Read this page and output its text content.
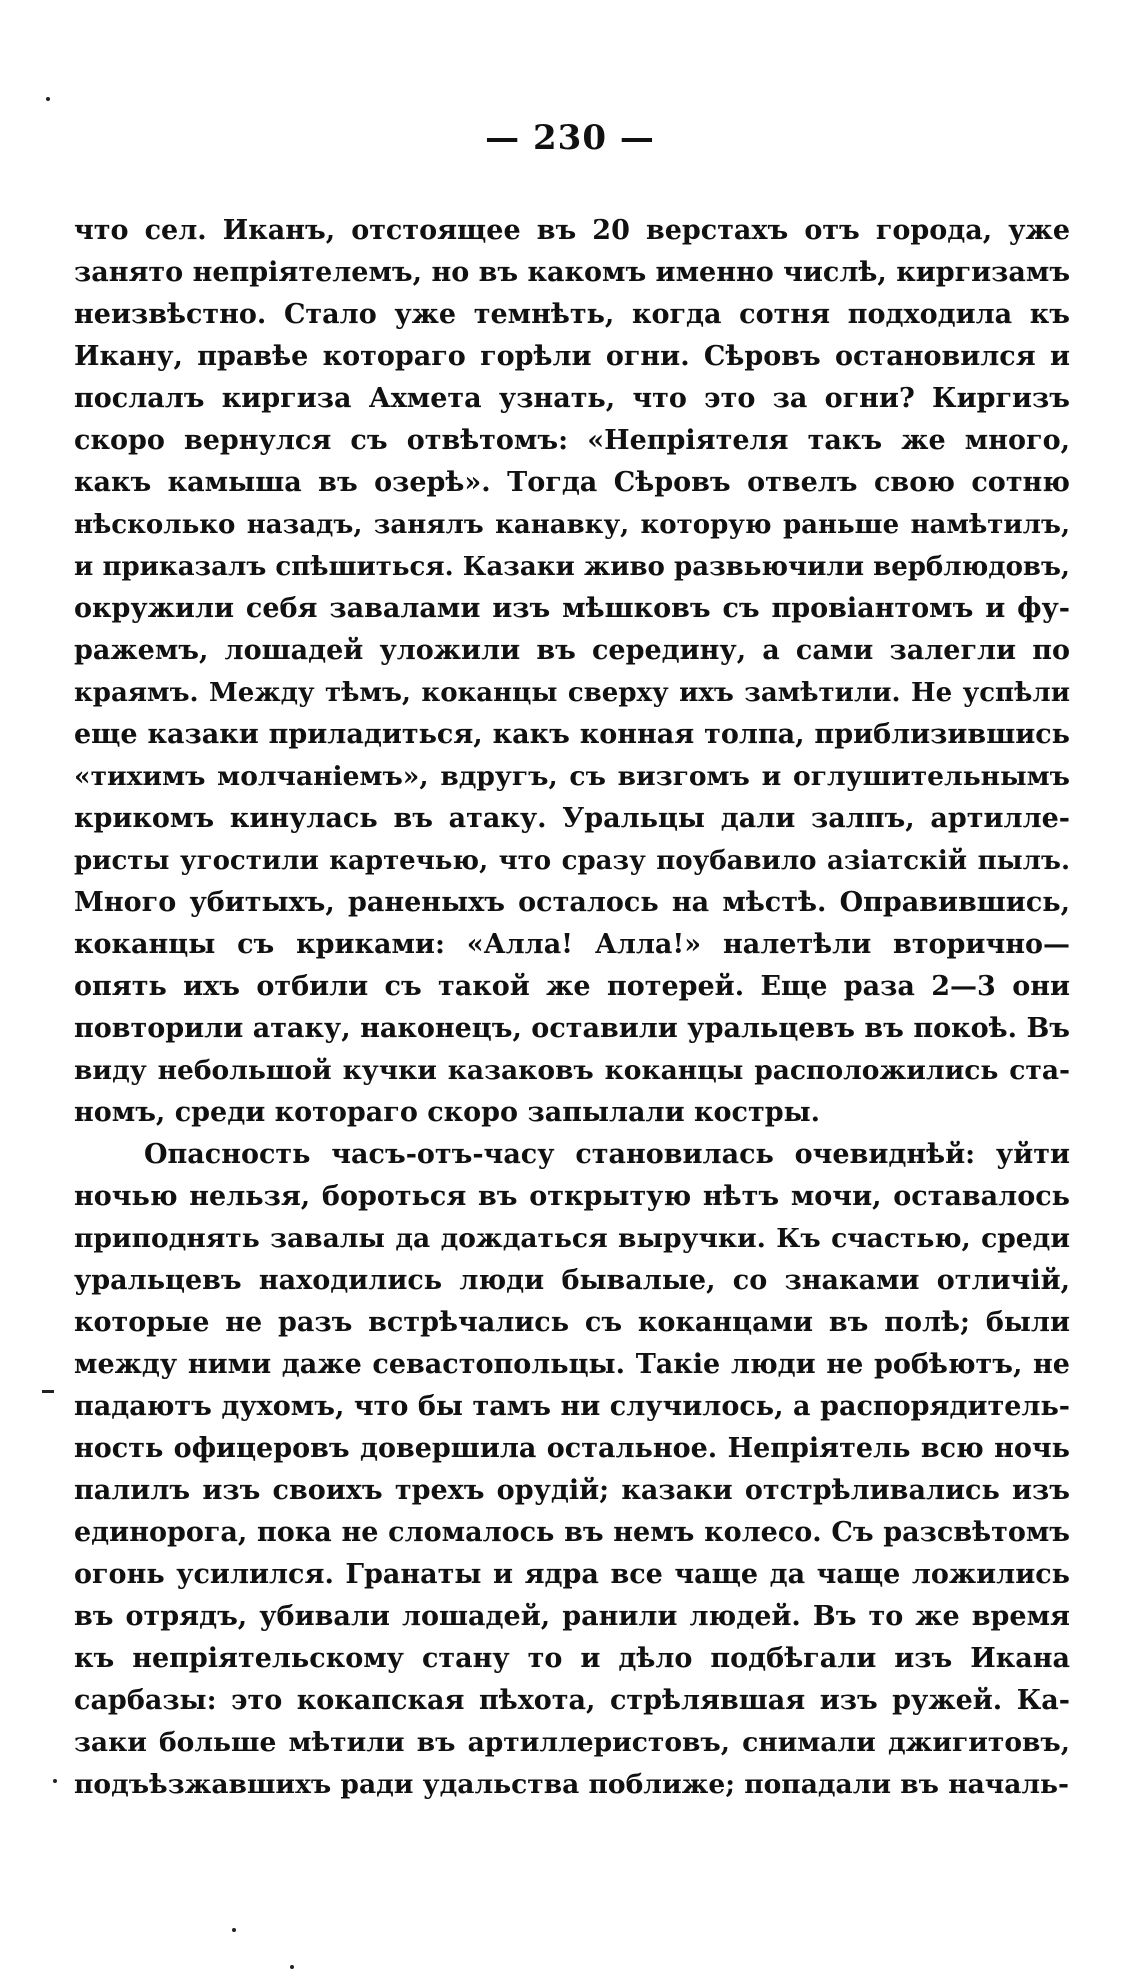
— 230 —
что сел. Иканъ, отстоящее въ 20 верстахъ отъ города, уже
занято непріятелемъ, но въ какомъ именно числѣ, киргизамъ
неизвѣстно. Стало уже темнѣть, когда сотня подходила къ
Икану, правѣе котораго горѣли огни. Сѣровъ остановился и
послалъ киргиза Ахмета узнать, что это за огни? Киргизъ
скоро вернулся съ отвѣтомъ: «Непріятеля такъ же много,
какъ камыша въ озерѣ». Тогда Сѣровъ отвелъ свою сотню
нѣсколько назадъ, занялъ канавку, которую раньше намѣтилъ,
и приказалъ спѣшиться. Казаки живо развьючили верблюдовъ,
окружили себя завалами изъ мѣшковъ съ провіантомъ и фу-
ражемъ, лошадей уложили въ середину, а сами залегли по
краямъ. Между тѣмъ, коканцы сверху ихъ замѣтили. Не успѣли
еще казаки приладиться, какъ конная толпа, приблизившись
«тихимъ молчаніемъ», вдругъ, съ визгомъ и оглушительнымъ
крикомъ кинулась въ атаку. Уральцы дали залпъ, артилле-
ристы угостили картечью, что сразу поубавило азіатскій пылъ.
Много убитыхъ, раненыхъ осталось на мѣстѣ. Оправившись,
коканцы съ криками: «Алла! Алла!» налетѣли вторично—
опять ихъ отбили съ такой же потерей. Еще раза 2—3 они
повторили атаку, наконецъ, оставили уральцевъ въ покоѣ. Въ
виду небольшой кучки казаковъ коканцы расположились ста-
номъ, среди котораго скоро запылали костры.
Опасность часъ-отъ-часу становилась очевиднѣй: уйти
ночью нельзя, бороться въ открытую нѣтъ мочи, оставалось
приподнять завалы да дождаться выручки. Къ счастью, среди
уральцевъ находились люди бывалые, со знаками отличій,
которые не разъ встрѣчались съ коканцами въ полѣ; были
между ними даже севастопольцы. Такіе люди не робѣютъ, не
падаютъ духомъ, что бы тамъ ни случилось, а распорядитель-
ность офицеровъ довершила остальное. Непріятель всю ночь
палилъ изъ своихъ трехъ орудій; казаки отстрѣливались изъ
единорога, пока не сломалось въ немъ колесо. Съ разсвѣтомъ
огонь усилился. Гранаты и ядра все чаще да чаще ложились
въ отрядъ, убивали лошадей, ранили людей. Въ то же время
къ непріятельскому стану то и дѣло подбѣгали изъ Икана
сарбазы: это кокапская пѣхота, стрѣлявшая изъ ружей. Ка-
заки больше мѣтили въ артиллеристовъ, снимали джигитовъ,
подъѣзжавшихъ ради удальства поближе; попадали въ началь-
